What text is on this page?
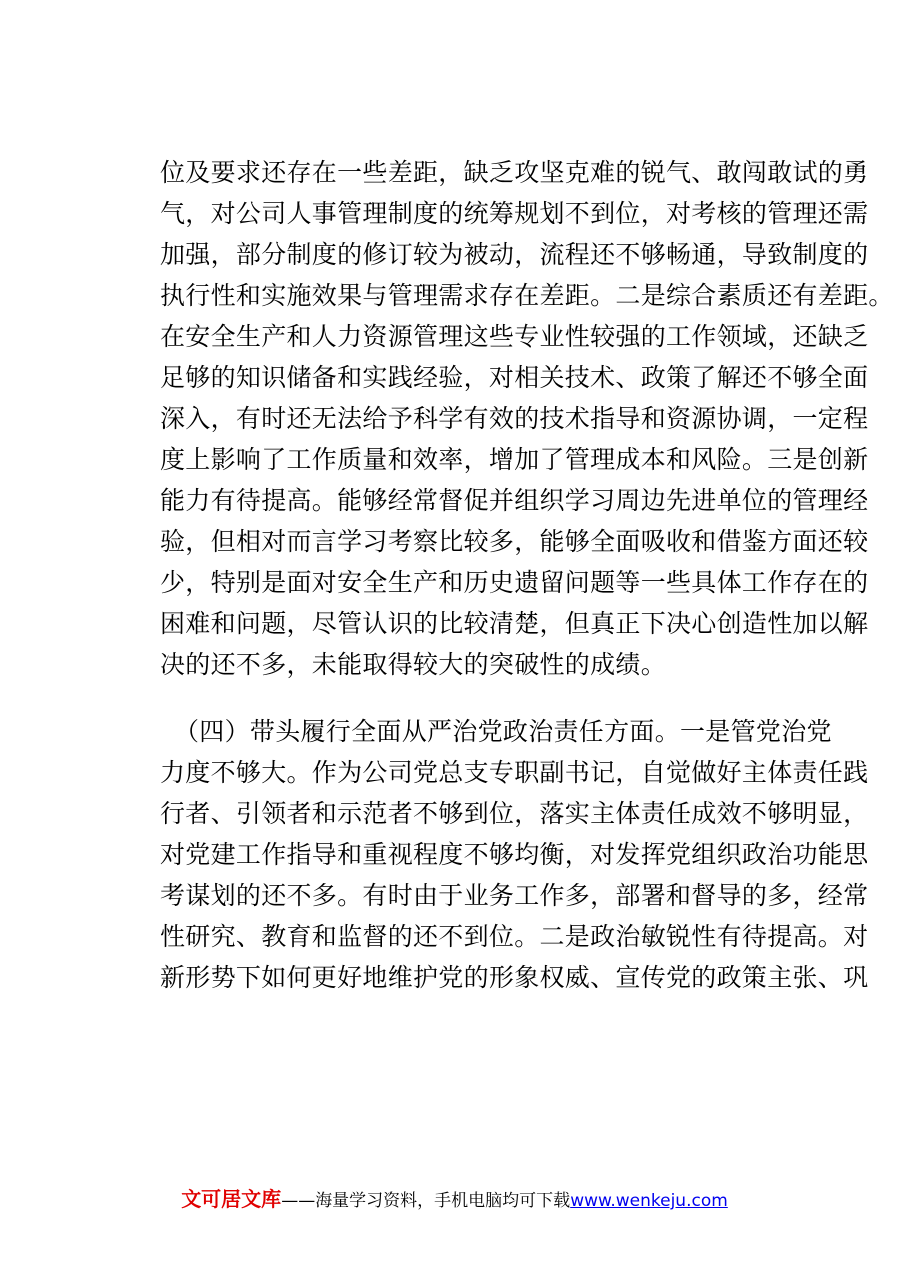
位及要求还存在一些差距，缺乏攻坚克难的锐气、敢闯敢试的勇
气，对公司人事管理制度的统筹规划不到位，对考核的管理还需
加强，部分制度的修订较为被动，流程还不够畅通，导致制度的
执行性和实施效果与管理需求存在差距。二是综合素质还有差距。
在安全生产和人力资源管理这些专业性较强的工作领域，还缺乏
足够的知识储备和实践经验，对相关技术、政策了解还不够全面
深入，有时还无法给予科学有效的技术指导和资源协调，一定程
度上影响了工作质量和效率，增加了管理成本和风险。三是创新
能力有待提高。能够经常督促并组织学习周边先进单位的管理经
验，但相对而言学习考察比较多，能够全面吸收和借鉴方面还较
少，特别是面对安全生产和历史遗留问题等一些具体工作存在的
困难和问题，尽管认识的比较清楚，但真正下决心创造性加以解
决的还不多，未能取得较大的突破性的成绩。
（四）带头履行全面从严治党政治责任方面。一是管党治党
力度不够大。作为公司党总支专职副书记，自觉做好主体责任践
行者、引领者和示范者不够到位，落实主体责任成效不够明显，
对党建工作指导和重视程度不够均衡，对发挥党组织政治功能思
考谋划的还不多。有时由于业务工作多，部署和督导的多，经常
性研究、教育和监督的还不到位。二是政治敏锐性有待提高。对
新形势下如何更好地维护党的形象权威、宣传党的政策主张、巩
文可居文库——海量学习资料，手机电脑均可下载www.wenkeju.com
